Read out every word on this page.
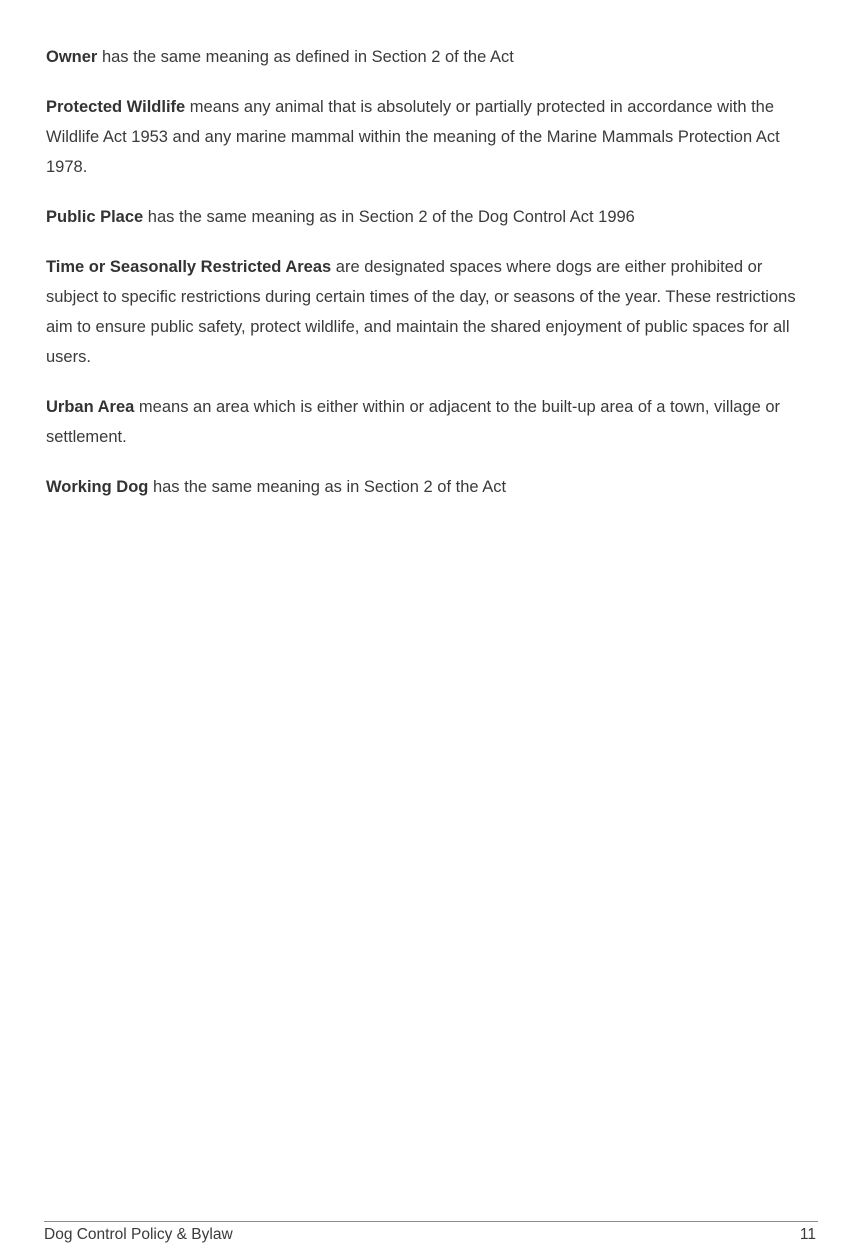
Owner has the same meaning as defined in Section 2 of the Act

Protected Wildlife means any animal that is absolutely or partially protected in accordance with the Wildlife Act 1953 and any marine mammal within the meaning of the Marine Mammals Protection Act 1978.

Public Place has the same meaning as in Section 2 of the Dog Control Act 1996

Time or Seasonally Restricted Areas are designated spaces where dogs are either prohibited or subject to specific restrictions during certain times of the day, or seasons of the year. These restrictions aim to ensure public safety, protect wildlife, and maintain the shared enjoyment of public spaces for all users.

Urban Area means an area which is either within or adjacent to the built-up area of a town, village or settlement.

Working Dog has the same meaning as in Section 2 of the Act

Dog Control Policy & Bylaw	11
